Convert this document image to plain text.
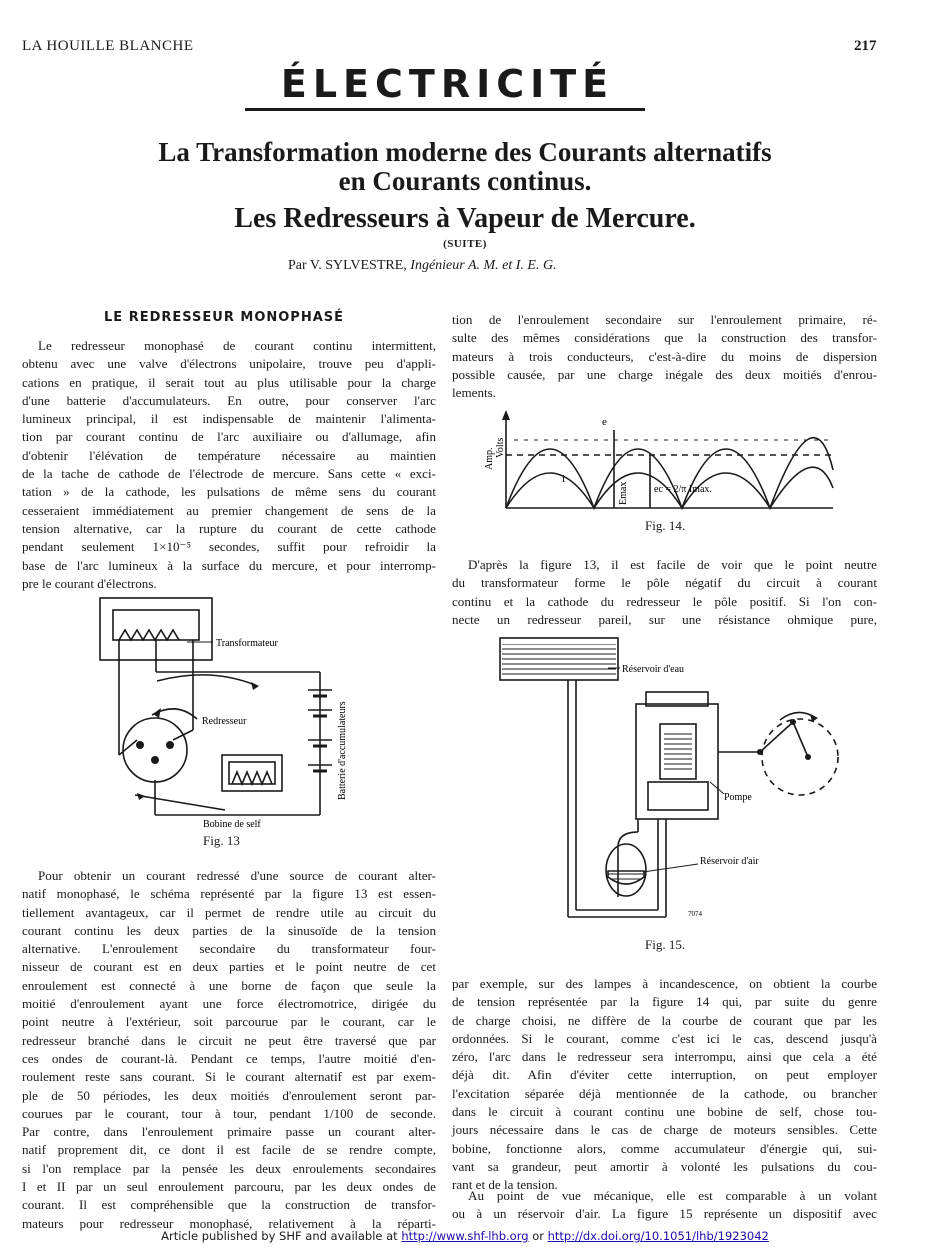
LA HOUILLE BLANCHE	217
ÉLECTRICITÉ
La Transformation moderne des Courants alternatifs
en Courants continus.
Les Redresseurs à Vapeur de Mercure.
(SUITE)
Par V. SYLVESTRE, Ingénieur A. M. et I. E. G.
LE REDRESSEUR MONOPHASÉ
Le redresseur monophasé de courant continu intermittent,
obtenu avec une valve d'électrons unipolaire, trouve peu d'appli-
cations en pratique, il serait tout au plus utilisable pour la charge
d'une batterie d'accumulateurs. En outre, pour conserver l'arc
lumineux principal, il est indispensable de maintenir l'alimenta-
tion par courant continu de l'arc auxiliaire ou d'allumage, afin
d'obtenir l'élévation de température nécessaire au maintien
de la tache de cathode de l'électrode de mercure. Sans cette « exci-
tation » de la cathode, les pulsations de même sens du courant
cesseraient immédiatement au premier changement de sens de la
tension alternative, car la rupture du courant de cette cathode
pendant seulement 1×10⁻⁵ secondes, suffit pour refroidir la
base de l'arc lumineux à la surface du mercure, et pour interromp-
pre le courant d'électrons.
Transformateur
Redresseur	Batterie d'accumulateurs
Bobine de self
Fig. 13
Pour obtenir un courant redressé d'une source de courant alter-
natif monophasé, le schéma représenté par la figure 13 est essen-
tiellement avantageux, car il permet de rendre utile au circuit du
courant continu les deux parties de la sinusoïde de la tension
alternative. L'enroulement secondaire du transformateur four-
nisseur de courant est en deux parties et le point neutre de cet
enroulement est connecté à une borne de façon que seule la
moitié d'enroulement ayant une force électromotrice, dirigée du
point neutre à l'extérieur, soit parcourue par le courant, car le
redresseur branché dans le circuit ne peut être traversé que par
ces ondes de courant-là. Pendant ce temps, l'autre moitié d'en-
roulement reste sans courant. Si le courant alternatif est par exem-
ple de 50 périodes, les deux moitiés d'enroulement seront par-
courues par le courant, tour à tour, pendant 1/100 de seconde.
Par contre, dans l'enroulement primaire passe un courant alter-
natif proprement dit, ce dont il est facile de se rendre compte,
si l'on remplace par la pensée les deux enroulements secondaires
I et II par un seul enroulement parcouru, par les deux ondes de
courant. Il est compréhensible que la construction de transfor-
mateurs pour redresseur monophasé, relativement à la réparti-
tion de l'enroulement secondaire sur l'enroulement primaire, ré-
sulte des mêmes considérations que la construction des transfor-
mateurs à trois conducteurs, c'est-à-dire du moins de dispersion
possible causée, par une charge inégale des deux moitiés d'enrou-
lements.
Amp. Volts
e
i
Emax	ec = 2/π Imax.
Fig. 14.
D'après la figure 13, il est facile de voir que le point neutre
du transformateur forme le pôle négatif du circuit à courant
continu et la cathode du redresseur le pôle positif. Si l'on con-
necte un redresseur pareil, sur une résistance ohmique pure,
Réservoir d'eau
Pompe
Réservoir d'air
7074
Fig. 15.
par exemple, sur des lampes à incandescence, on obtient la courbe
de tension représentée par la figure 14 qui, par suite du genre
de charge choisi, ne diffère de la courbe de courant que par les
ordonnées. Si le courant, comme c'est ici le cas, descend jusqu'à
zéro, l'arc dans le redresseur sera interrompu, ainsi que cela a été
déjà dit. Afin d'éviter cette interruption, on peut employer
l'excitation séparée déjà mentionnée de la cathode, ou brancher
dans le circuit à courant continu une bobine de self, chose tou-
jours nécessaire dans le cas de charge de moteurs sensibles. Cette
bobine, fonctionne alors, comme accumulateur d'énergie qui, sui-
vant sa grandeur, peut amortir à volonté les pulsations du cou-
rant et de la tension.
Au point de vue mécanique, elle est comparable à un volant
ou à un réservoir d'air. La figure 15 représente un dispositif avec
Article published by SHF and available at http://www.shf-lhb.org or http://dx.doi.org/10.1051/lhb/1923042
